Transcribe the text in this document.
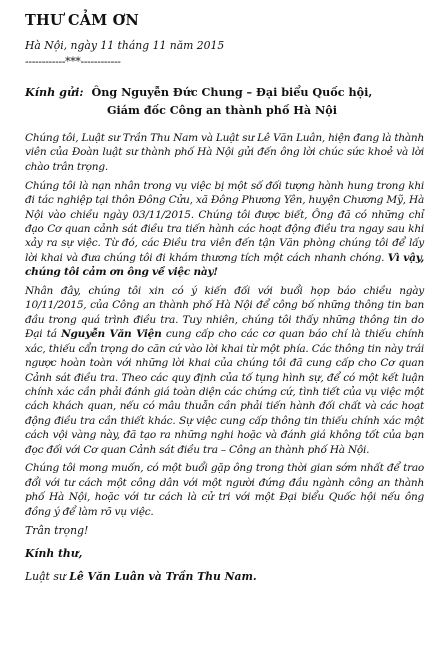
THƯ CẢM ƠN
Hà Nội, ngày 11 tháng 11 năm 2015
------------***------------
Kính gửi: Ông Nguyễn Đức Chung – Đại biểu Quốc hội,
Giám đốc Công an thành phố Hà Nội

Chúng tôi, Luật sư Trần Thu Nam và Luật sư Lê Văn Luân, hiện đang là thành viên của Đoàn luật sư thành phố Hà Nội gửi đến ông lời chúc sức khoẻ và lời chào trân trọng.

Chúng tôi là nạn nhân trong vụ việc bị một số đối tượng hành hung trong khi đi tác nghiệp tại thôn Đông Cửu, xã Đông Phương Yên, huyện Chương Mỹ, Hà Nội vào chiều ngày 03/11/2015. Chúng tôi được biết, Ông đã có những chỉ đạo Cơ quan cảnh sát điều tra tiến hành các hoạt động điều tra ngay sau khi xảy ra sự việc. Từ đó, các Điều tra viên đến tận Văn phòng chúng tôi để lấy lời khai và đưa chúng tôi đi khám thương tích một cách nhanh chóng. Vì vậy, chúng tôi cảm ơn ông về việc này!

Nhân đây, chúng tôi xin có ý kiến đối với buổi họp báo chiều ngày 10/11/2015, của Công an thành phố Hà Nội để công bố những thông tin ban đầu trong quá trình điều tra. Tuy nhiên, chúng tôi thấy những thông tin do Đại tá Nguyễn Văn Viện cung cấp cho các cơ quan báo chí là thiếu chính xác, thiếu cẩn trọng do căn cứ vào lời khai từ một phía. Các thông tin này trái ngược hoàn toàn với những lời khai của chúng tôi đã cung cấp cho Cơ quan Cảnh sát điều tra. Theo các quy định của tố tụng hình sự, để có một kết luận chính xác cần phải đánh giá toàn diện các chứng cứ, tình tiết của vụ việc một cách khách quan, nếu có mâu thuẫn cần phải tiến hành đối chất và các hoạt động điều tra cần thiết khác. Sự việc cung cấp thông tin thiếu chính xác một cách vội vàng này, đã tạo ra những nghi hoặc và đánh giá không tốt của bạn đọc đối với Cơ quan Cảnh sát điều tra – Công an thành phố Hà Nội.

Chúng tôi mong muốn, có một buổi gặp ông trong thời gian sớm nhất để trao đổi với tư cách một công dân với một người đứng đầu ngành công an thành phố Hà Nội, hoặc với tư cách là cử tri với một Đại biểu Quốc hội nếu ông đồng ý để làm rõ vụ việc.

Trân trọng!
Kính thư,
Luật sư Lê Văn Luân và Trần Thu Nam.
